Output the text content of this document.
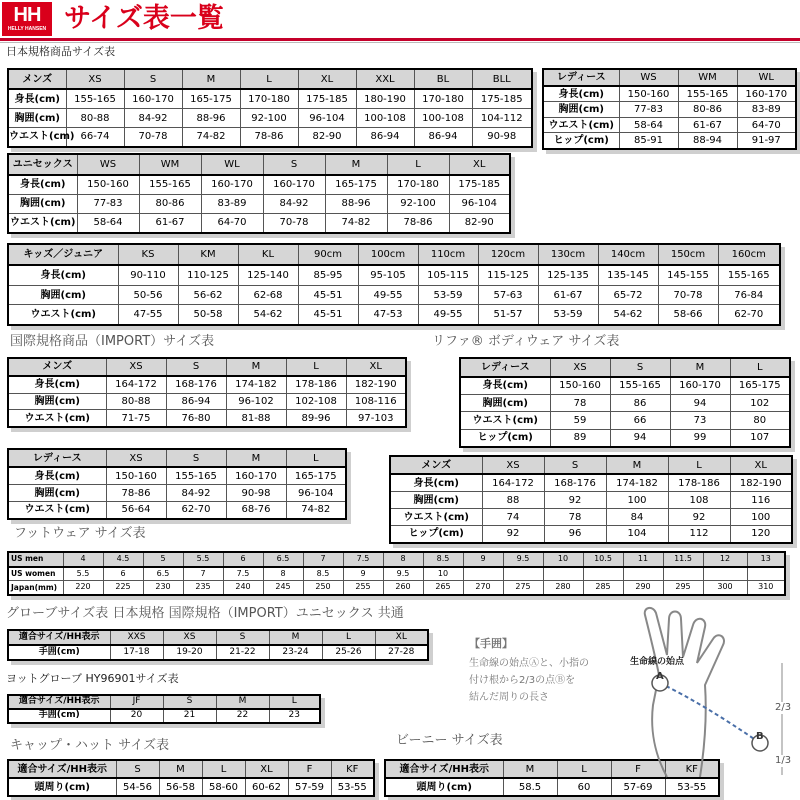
HH
HELLY HANSEN サイズ表一覧
日本規格商品サイズ表
国際規格商品（IMPORT）サイズ表	リファ® ボディウェア サイズ表
フットウェア サイズ表
グローブサイズ表 日本規格 国際規格（IMPORT）ユニセックス 共通
ヨットグローブ HY96901サイズ表
キャップ・ハット サイズ表	ビーニー サイズ表
メンズ	XS	S	M	L	XL	XXL	BL	BLL
身長(cm)	155-165	160-170	165-175	170-180	175-185	180-190	170-180	175-185
胸囲(cm)	80-88	84-92	88-96	92-100	96-104	100-108	100-108	104-112
ウエスト(cm)	66-74	70-78	74-82	78-86	82-90	86-94	86-94	90-98
レディース	WS	WM	WL
身長(cm)	150-160	155-165	160-170
胸囲(cm)	77-83	80-86	83-89
ウエスト(cm)	58-64	61-67	64-70
ヒップ(cm)	85-91	88-94	91-97
ユニセックス	WS	WM	WL	S	M	L	XL
身長(cm)	150-160	155-165	160-170	160-170	165-175	170-180	175-185
胸囲(cm)	77-83	80-86	83-89	84-92	88-96	92-100	96-104
ウエスト(cm)	58-64	61-67	64-70	70-78	74-82	78-86	82-90
キッズ／ジュニア	KS	KM	KL	90cm	100cm	110cm	120cm	130cm	140cm	150cm	160cm
身長(cm)	90-110	110-125	125-140	85-95	95-105	105-115	115-125	125-135	135-145	145-155	155-165
胸囲(cm)	50-56	56-62	62-68	45-51	49-55	53-59	57-63	61-67	65-72	70-78	76-84
ウエスト(cm)	47-55	50-58	54-62	45-51	47-53	49-55	51-57	53-59	54-62	58-66	62-70
メンズ	XS	S	M	L	XL
身長(cm)	164-172	168-176	174-182	178-186	182-190
胸囲(cm)	80-88	86-94	96-102	102-108	108-116
ウエスト(cm)	71-75	76-80	81-88	89-96	97-103
レディース	XS	S	M	L
身長(cm)	150-160	155-165	160-170	165-175
胸囲(cm)	78-86	84-92	90-98	96-104
ウエスト(cm)	56-64	62-70	68-76	74-82
レディース	XS	S	M	L
身長(cm)	150-160	155-165	160-170	165-175
胸囲(cm)	78	86	94	102
ウエスト(cm)	59	66	73	80
ヒップ(cm)	89	94	99	107
メンズ	XS	S	M	L	XL
身長(cm)	164-172	168-176	174-182	178-186	182-190
胸囲(cm)	88	92	100	108	116
ウエスト(cm)	74	78	84	92	100
ヒップ(cm)	92	96	104	112	120
US men	4	4.5	5	5.5	6	6.5	7	7.5	8	8.5	9	9.5	10	10.5	11	11.5	12	13
US women	5.5	6	6.5	7	7.5	8	8.5	9	9.5	10								
Japan(mm)	220	225	230	235	240	245	250	255	260	265	270	275	280	285	290	295	300	310
適合サイズ/HH表示	XXS	XS	S	M	L	XL
手囲(cm)	17-18	19-20	21-22	23-24	25-26	27-28
適合サイズ/HH表示	JF	S	M	L
手囲(cm)	20	21	22	23
適合サイズ/HH表示	S	M	L	XL	F	KF
頭周り(cm)	54-56	56-58	58-60	60-62	57-59	53-55
適合サイズ/HH表示	M	L	F	KF
頭周り(cm)	58.5	60	57-69	53-55
【手囲】
生命線の始点Ⓐと、小指の
付け根から2/3の点Ⓑを
結んだ周りの長さ
生命線の始点
A
B
2/3
1/3
